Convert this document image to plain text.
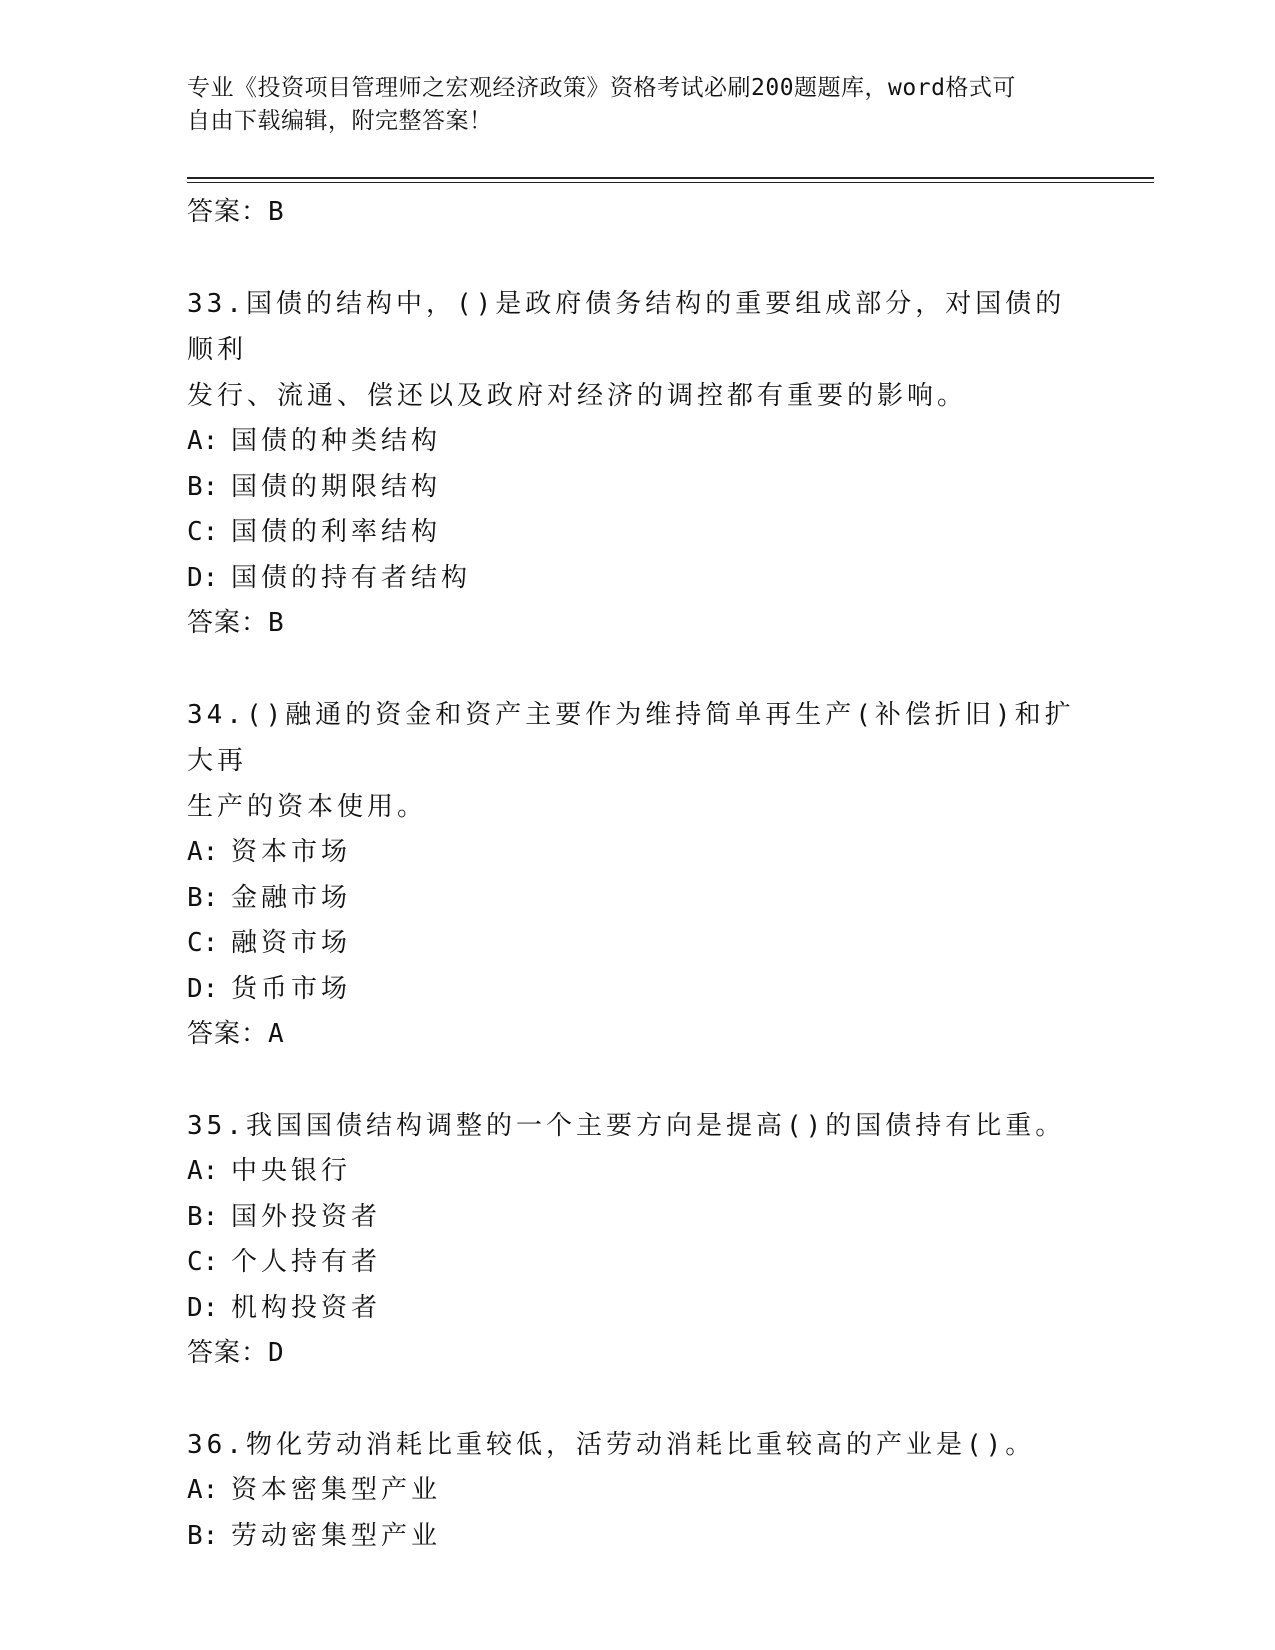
专业《投资项目管理师之宏观经济政策》资格考试必刷200题题库，word格式可
自由下载编辑，附完整答案！
答案：B
33.国债的结构中，()是政府债务结构的重要组成部分，对国债的顺利
发行、流通、偿还以及政府对经济的调控都有重要的影响。
A: 国债的种类结构
B: 国债的期限结构
C: 国债的利率结构
D: 国债的持有者结构
答案：B
34.()融通的资金和资产主要作为维持简单再生产(补偿折旧)和扩大再
生产的资本使用。
A: 资本市场
B: 金融市场
C: 融资市场
D: 货币市场
答案：A
35.我国国债结构调整的一个主要方向是提高()的国债持有比重。
A: 中央银行
B: 国外投资者
C: 个人持有者
D: 机构投资者
答案：D
36.物化劳动消耗比重较低，活劳动消耗比重较高的产业是()。
A: 资本密集型产业
B: 劳动密集型产业
